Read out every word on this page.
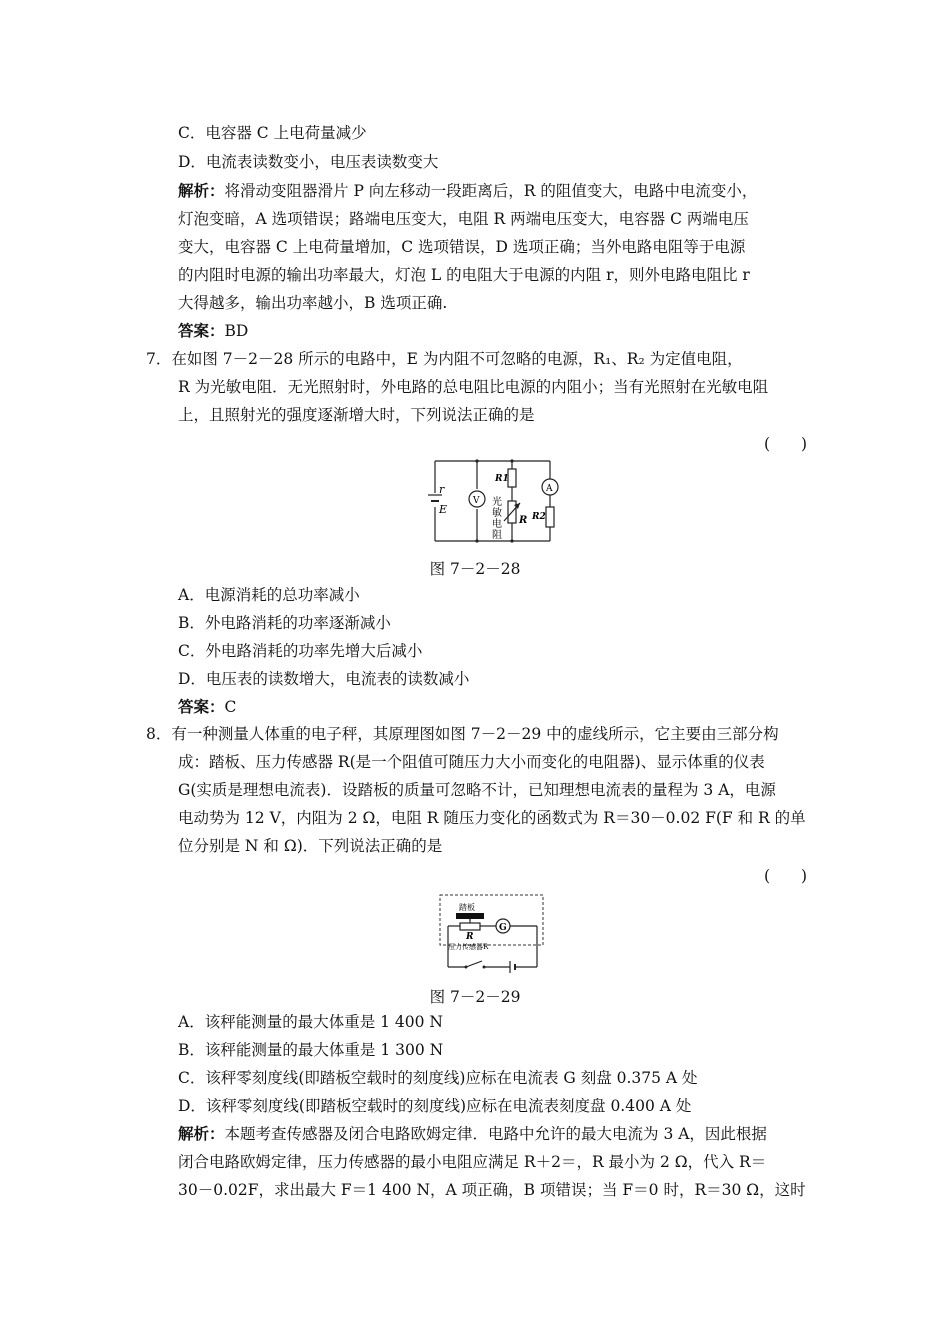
C．电容器 C 上电荷量减少
D．电流表读数变小，电压表读数变大
解析：将滑动变阻器滑片 P 向左移动一段距离后，R 的阻值变大，电路中电流变小，
灯泡变暗，A 选项错误；路端电压变大，电阻 R 两端电压变大，电容器 C 两端电压
变大，电容器 C 上电荷量增加，C 选项错误，D 选项正确；当外电路电阻等于电源
的内阻时电源的输出功率最大，灯泡 L 的电阻大于电源的内阻 r，则外电路电阻比 r
大得越多，输出功率越小，B 选项正确.
答案：BD
7．在如图 7－2－28 所示的电路中，E 为内阻不可忽略的电源，R₁、R₂ 为定值电阻，
R 为光敏电阻．无光照射时，外电路的总电阻比电源的内阻小；当有光照射在光敏电阻
上，且照射光的强度逐渐增大时，下列说法正确的是
(　　)
r
E
V
A
R1
R2
R
光
敏
电
阻
图 7－2－28
A．电源消耗的总功率减小
B．外电路消耗的功率逐渐减小
C．外电路消耗的功率先增大后减小
D．电压表的读数增大，电流表的读数减小
答案：C
8．有一种测量人体重的电子秤，其原理图如图 7－2－29 中的虚线所示，它主要由三部分构
成：踏板、压力传感器 R(是一个阻值可随压力大小而变化的电阻器)、显示体重的仪表
G(实质是理想电流表)．设踏板的质量可忽略不计，已知理想电流表的量程为 3 A，电源
电动势为 12 V，内阻为 2 Ω，电阻 R 随压力变化的函数式为 R＝30－0.02 F(F 和 R 的单
位分别是 N 和 Ω)．下列说法正确的是
(　　)
踏板
G
R
压力传感器R
图 7－2－29
A．该秤能测量的最大体重是 1 400 N
B．该秤能测量的最大体重是 1 300 N
C．该秤零刻度线(即踏板空载时的刻度线)应标在电流表 G 刻盘 0.375 A 处
D．该秤零刻度线(即踏板空载时的刻度线)应标在电流表刻度盘 0.400 A 处
解析：本题考查传感器及闭合电路欧姆定律．电路中允许的最大电流为 3 A，因此根据
闭合电路欧姆定律，压力传感器的最小电阻应满足 R＋2＝，R 最小为 2 Ω，代入 R＝
30－0.02F，求出最大 F＝1 400 N，A 项正确，B 项错误；当 F＝0 时，R＝30 Ω，这时
